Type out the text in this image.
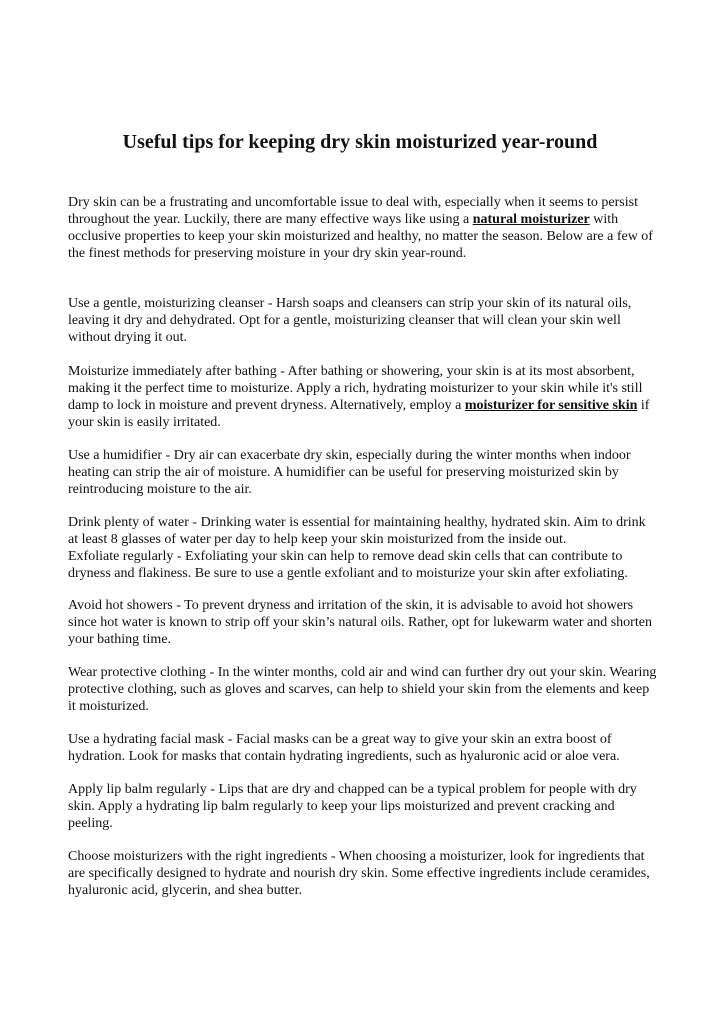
Useful tips for keeping dry skin moisturized year-round

Dry skin can be a frustrating and uncomfortable issue to deal with, especially when it seems to persist throughout the year. Luckily, there are many effective ways like using a natural moisturizer with occlusive properties to keep your skin moisturized and healthy, no matter the season. Below are a few of the finest methods for preserving moisture in your dry skin year-round.

Use a gentle, moisturizing cleanser - Harsh soaps and cleansers can strip your skin of its natural oils, leaving it dry and dehydrated. Opt for a gentle, moisturizing cleanser that will clean your skin well without drying it out.

Moisturize immediately after bathing - After bathing or showering, your skin is at its most absorbent, making it the perfect time to moisturize. Apply a rich, hydrating moisturizer to your skin while it's still damp to lock in moisture and prevent dryness. Alternatively, employ a moisturizer for sensitive skin if your skin is easily irritated.

Use a humidifier - Dry air can exacerbate dry skin, especially during the winter months when indoor heating can strip the air of moisture. A humidifier can be useful for preserving moisturized skin by reintroducing moisture to the air.

Drink plenty of water - Drinking water is essential for maintaining healthy, hydrated skin. Aim to drink at least 8 glasses of water per day to help keep your skin moisturized from the inside out.

Exfoliate regularly - Exfoliating your skin can help to remove dead skin cells that can contribute to dryness and flakiness. Be sure to use a gentle exfoliant and to moisturize your skin after exfoliating.

Avoid hot showers - To prevent dryness and irritation of the skin, it is advisable to avoid hot showers since hot water is known to strip off your skin’s natural oils. Rather, opt for lukewarm water and shorten your bathing time.

Wear protective clothing - In the winter months, cold air and wind can further dry out your skin. Wearing protective clothing, such as gloves and scarves, can help to shield your skin from the elements and keep it moisturized.

Use a hydrating facial mask - Facial masks can be a great way to give your skin an extra boost of hydration. Look for masks that contain hydrating ingredients, such as hyaluronic acid or aloe vera.

Apply lip balm regularly - Lips that are dry and chapped can be a typical problem for people with dry skin. Apply a hydrating lip balm regularly to keep your lips moisturized and prevent cracking and peeling.

Choose moisturizers with the right ingredients - When choosing a moisturizer, look for ingredients that are specifically designed to hydrate and nourish dry skin. Some effective ingredients include ceramides, hyaluronic acid, glycerin, and shea butter.
